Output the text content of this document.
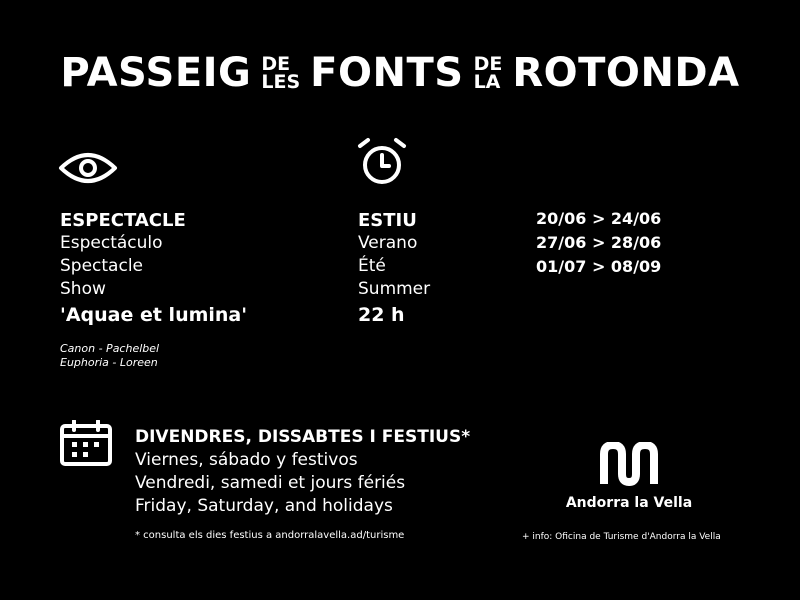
PASSEIG DE
LES FONTS DE
LA ROTONDA
ESPECTACLE
Espectáculo
Spectacle
Show
'Aquae et lumina'
Canon - Pachelbel
Euphoria - Loreen
ESTIU
Verano
Été
Summer
22 h
20/06 > 24/06
27/06 > 28/06
01/07 > 08/09
DIVENDRES, DISSABTES I FESTIUS*
Viernes, sábado y festivos
Vendredi, samedi et jours fériés
Friday, Saturday, and holidays
* consulta els dies festius a andorralavella.ad/turisme
Andorra la Vella
+ info: Oficina de Turisme d'Andorra la Vella
